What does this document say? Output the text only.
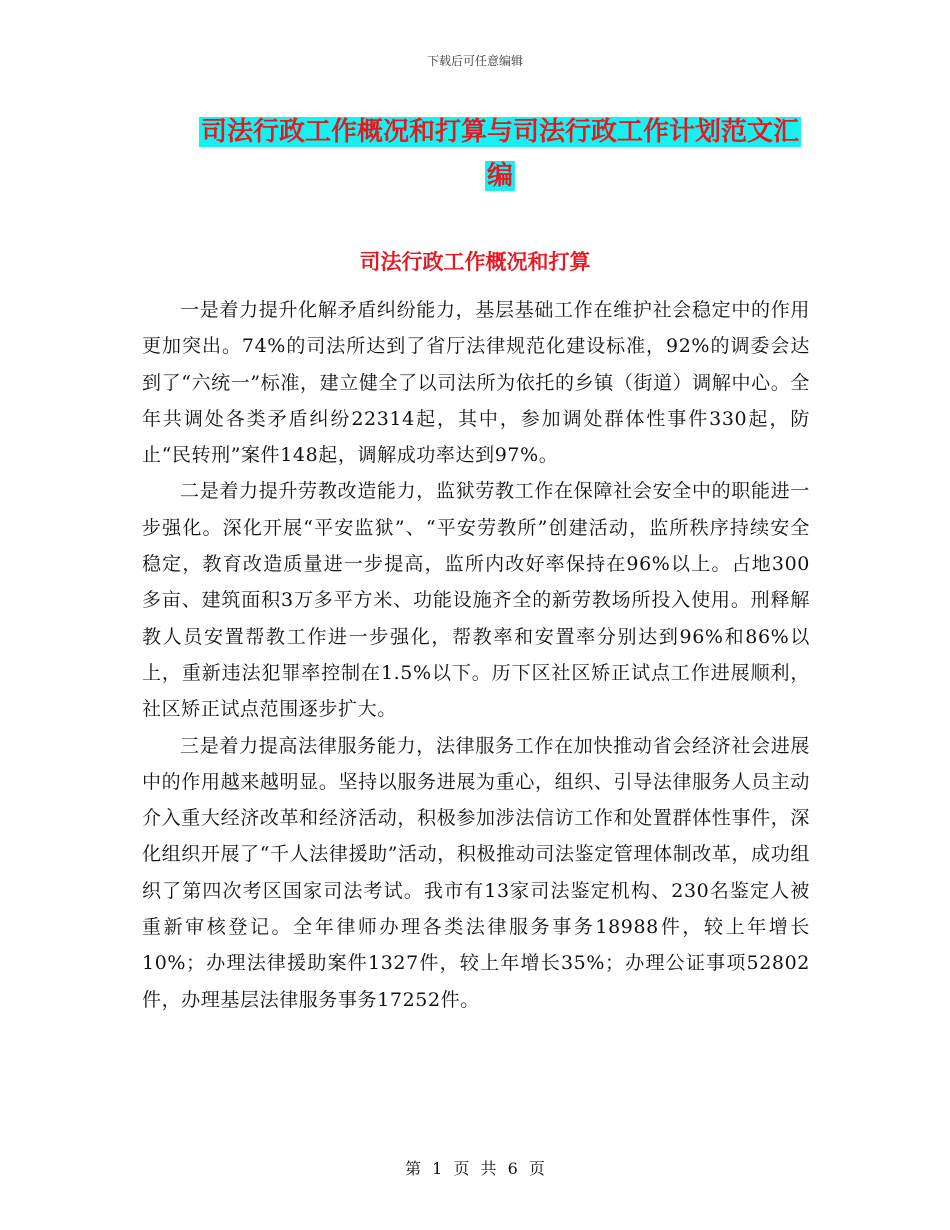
下载后可任意编辑
司法行政工作概况和打算与司法行政工作计划范文汇
编
司法行政工作概况和打算

一是着力提升化解矛盾纠纷能力，基层基础工作在维护社会稳定中的作用更加突出。74%的司法所达到了省厅法律规范化建设标准，92%的调委会达到了“六统一”标准，建立健全了以司法所为依托的乡镇（街道）调解中心。全年共调处各类矛盾纠纷22314起，其中，参加调处群体性事件330起，防止“民转刑”案件148起，调解成功率达到97%。

二是着力提升劳教改造能力，监狱劳教工作在保障社会安全中的职能进一步强化。深化开展“平安监狱”、“平安劳教所”创建活动，监所秩序持续安全稳定，教育改造质量进一步提高，监所内改好率保持在96%以上。占地300多亩、建筑面积3万多平方米、功能设施齐全的新劳教场所投入使用。刑释解教人员安置帮教工作进一步强化，帮教率和安置率分别达到96%和86%以上，重新违法犯罪率控制在1.5%以下。历下区社区矫正试点工作进展顺利，社区矫正试点范围逐步扩大。

三是着力提高法律服务能力，法律服务工作在加快推动省会经济社会进展中的作用越来越明显。坚持以服务进展为重心，组织、引导法律服务人员主动介入重大经济改革和经济活动，积极参加涉法信访工作和处置群体性事件，深化组织开展了“千人法律援助”活动，积极推动司法鉴定管理体制改革，成功组织了第四次考区国家司法考试。我市有13家司法鉴定机构、230名鉴定人被重新审核登记。全年律师办理各类法律服务事务18988件，较上年增长10%；办理法律援助案件1327件，较上年增长35%；办理公证事项52802件，办理基层法律服务事务17252件。

第 1 页 共 6 页
